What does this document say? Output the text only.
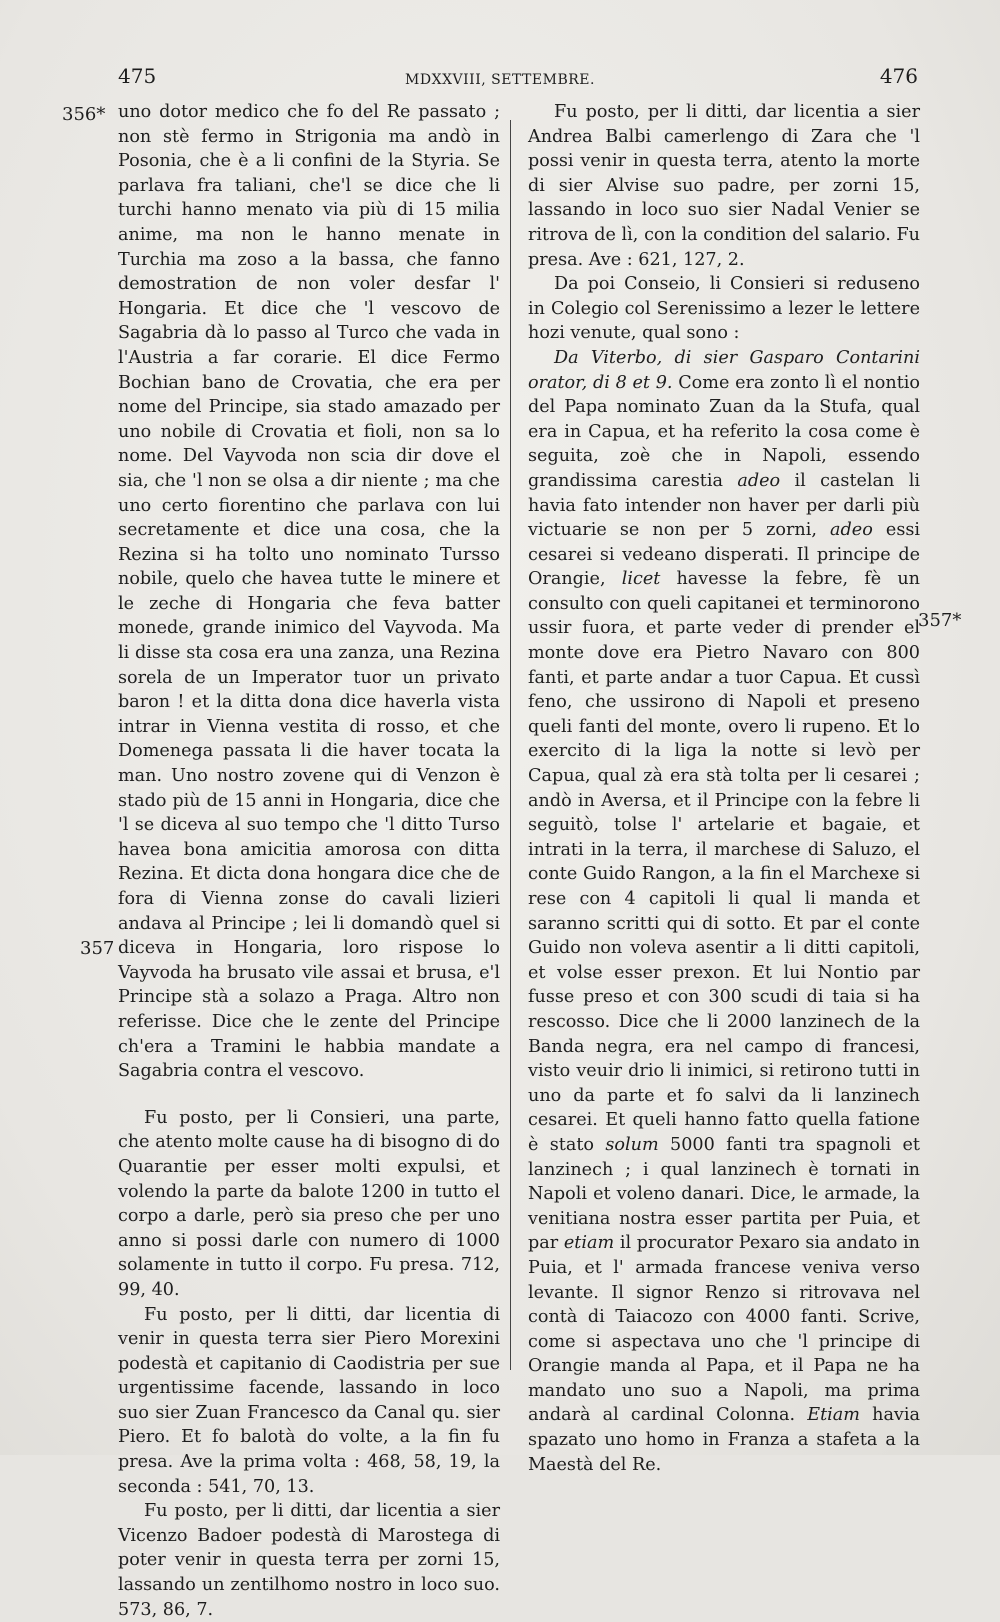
475	MDXXVIII, SETTEMBRE.	476
356*
357
357*

uno dotor medico che fo del Re passato ; non stè fermo in Strigonia ma andò in Posonia, che è a li confini de la Styria. Se parlava fra taliani, che'l se dice che li turchi hanno menato via più di 15 milia anime, ma non le hanno menate in Turchia ma zoso a la bassa, che fanno demostration de non voler desfar l' Hongaria. Et dice che 'l vescovo de Sagabria dà lo passo al Turco che vada in l'Austria a far corarie. El dice Fermo Bochian bano de Crovatia, che era per nome del Principe, sia stado amazado per uno nobile di Crovatia et fioli, non sa lo nome. Del Vayvoda non scia dir dove el sia, che 'l non se olsa a dir niente ; ma che uno certo fiorentino che parlava con lui secretamente et dice una cosa, che la Rezina si ha tolto uno nominato Tursso nobile, quelo che havea tutte le minere et le zeche di Hongaria che feva batter monede, grande inimico del Vayvoda. Ma li disse sta cosa era una zanza, una Rezina sorela de un Imperator tuor un privato baron ! et la ditta dona dice haverla vista intrar in Vienna vestita di rosso, et che Domenega passata li die haver tocata la man. Uno nostro zovene qui di Venzon è stado più de 15 anni in Hongaria, dice che 'l se diceva al suo tempo che 'l ditto Turso havea bona amicitia amorosa con ditta Rezina. Et dicta dona hongara dice che de fora di Vienna zonse do cavali lizieri andava al Principe ; lei li domandò quel si diceva in Hongaria, loro rispose lo Vayvoda ha brusato vile assai et brusa, e'l Principe stà a solazo a Praga. Altro non referisse. Dice che le zente del Principe ch'era a Tramini le habbia mandate a Sagabria contra el vescovo.

Fu posto, per li Consieri, una parte, che atento molte cause ha di bisogno di do Quarantie per esser molti expulsi, et volendo la parte da balote 1200 in tutto el corpo a darle, però sia preso che per uno anno si possi darle con numero di 1000 solamente in tutto il corpo. Fu presa. 712, 99, 40.

Fu posto, per li ditti, dar licentia di venir in questa terra sier Piero Morexini podestà et capitanio di Caodistria per sue urgentissime facende, lassando in loco suo sier Zuan Francesco da Canal qu. sier Piero. Et fo balotà do volte, a la fin fu presa. Ave la prima volta : 468, 58, 19, la seconda : 541, 70, 13.

Fu posto, per li ditti, dar licentia a sier Vicenzo Badoer podestà di Marostega di poter venir in questa terra per zorni 15, lassando un zentilhomo nostro in loco suo. 573, 86, 7.

Fu posto, per li ditti, dar licentia a sier Andrea Balbi camerlengo di Zara che 'l possi venir in questa terra, atento la morte di sier Alvise suo padre, per zorni 15, lassando in loco suo sier Nadal Venier se ritrova de lì, con la condition del salario. Fu presa. Ave : 621, 127, 2.

Da poi Conseio, li Consieri si reduseno in Colegio col Serenissimo a lezer le lettere hozi venute, qual sono :

Da Viterbo, di sier Gasparo Contarini orator, di 8 et 9. Come era zonto lì el nontio del Papa nominato Zuan da la Stufa, qual era in Capua, et ha referito la cosa come è seguita, zoè che in Napoli, essendo grandissima carestia adeo il castelan li havia fato intender non haver per darli più victuarie se non per 5 zorni, adeo essi cesarei si vedeano disperati. Il principe de Orangie, licet havesse la febre, fè un consulto con queli capitanei et terminorono ussir fuora, et parte veder di prender el monte dove era Pietro Navaro con 800 fanti, et parte andar a tuor Capua. Et cussì feno, che ussirono di Napoli et preseno queli fanti del monte, overo li rupeno. Et lo exercito di la liga la notte si levò per Capua, qual zà era stà tolta per li cesarei ; andò in Aversa, et il Principe con la febre li seguitò, tolse l' artelarie et bagaie, et intrati in la terra, il marchese di Saluzo, el conte Guido Rangon, a la fin el Marchexe si rese con 4 capitoli li qual li manda et saranno scritti qui di sotto. Et par el conte Guido non voleva asentir a li ditti capitoli, et volse esser prexon. Et lui Nontio par fusse preso et con 300 scudi di taia si ha rescosso. Dice che li 2000 lanzinech de la Banda negra, era nel campo di francesi, visto veuir drio li inimici, si retirono tutti in uno da parte et fo salvi da li lanzinech cesarei. Et queli hanno fatto quella fatione è stato solum 5000 fanti tra spagnoli et lanzinech ; i qual lanzinech è tornati in Napoli et voleno danari. Dice, le armade, la venitiana nostra esser partita per Puia, et par etiam il procurator Pexaro sia andato in Puia, et l' armada francese veniva verso levante. Il signor Renzo si ritrovava nel contà di Taiacozo con 4000 fanti. Scrive, come si aspectava uno che 'l principe di Orangie manda al Papa, et il Papa ne ha mandato uno suo a Napoli, ma prima andarà al cardinal Colonna. Etiam havia spazato uno homo in Franza a stafeta a la Maestà del Re.
